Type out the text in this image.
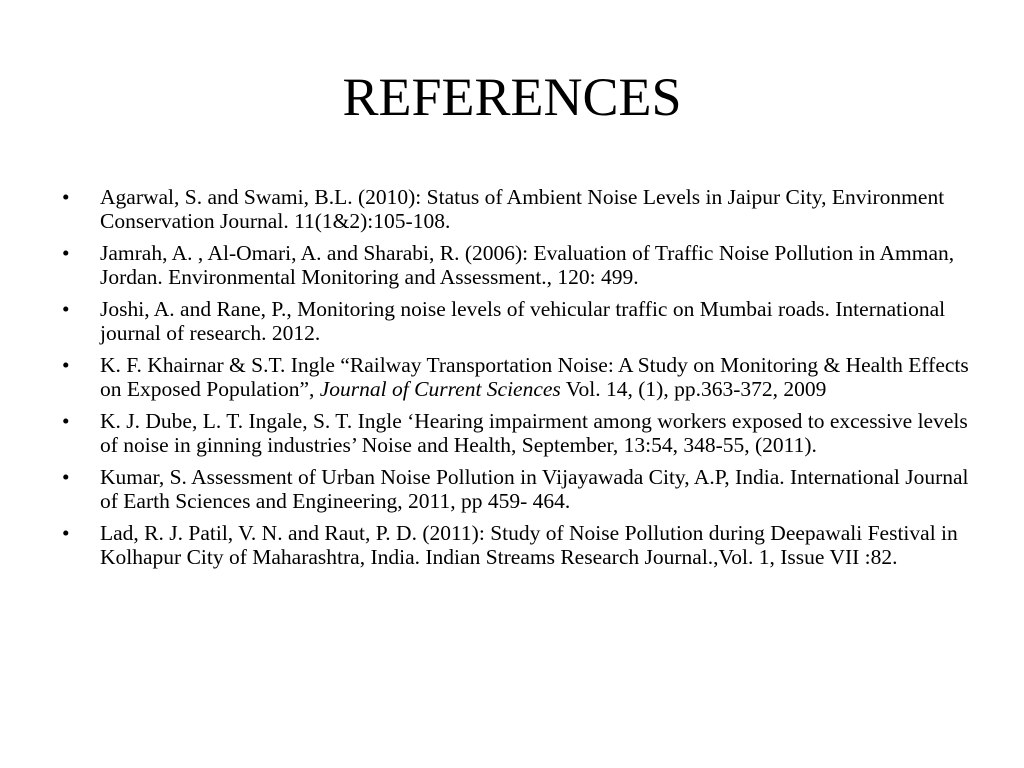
REFERENCES
•	Agarwal, S. and Swami, B.L. (2010): Status of Ambient Noise Levels in Jaipur City, Environment Conservation Journal. 11(1&2):105-108.
•	Jamrah, A. , Al-Omari, A. and Sharabi, R. (2006): Evaluation of Traffic Noise Pollution in Amman, Jordan. Environmental Monitoring and Assessment., 120: 499.
•	Joshi, A. and Rane, P., Monitoring noise levels of vehicular traffic on Mumbai roads. International journal of research. 2012.
•	K. F. Khairnar & S.T. Ingle “Railway Transportation Noise: A Study on Monitoring & Health Effects on Exposed Population”, Journal of Current Sciences Vol. 14, (1), pp.363-372, 2009
•	K. J. Dube, L. T. Ingale, S. T. Ingle ‘Hearing impairment among workers exposed to excessive levels of noise in ginning industries’ Noise and Health, September, 13:54, 348-55, (2011).
•	Kumar, S. Assessment of Urban Noise Pollution in Vijayawada City, A.P, India. International Journal of Earth Sciences and Engineering, 2011, pp 459- 464.
•	Lad, R. J. Patil, V. N. and Raut, P. D. (2011): Study of Noise Pollution during Deepawali Festival in Kolhapur City of Maharashtra, India. Indian Streams Research Journal.,Vol. 1, Issue VII :82.
